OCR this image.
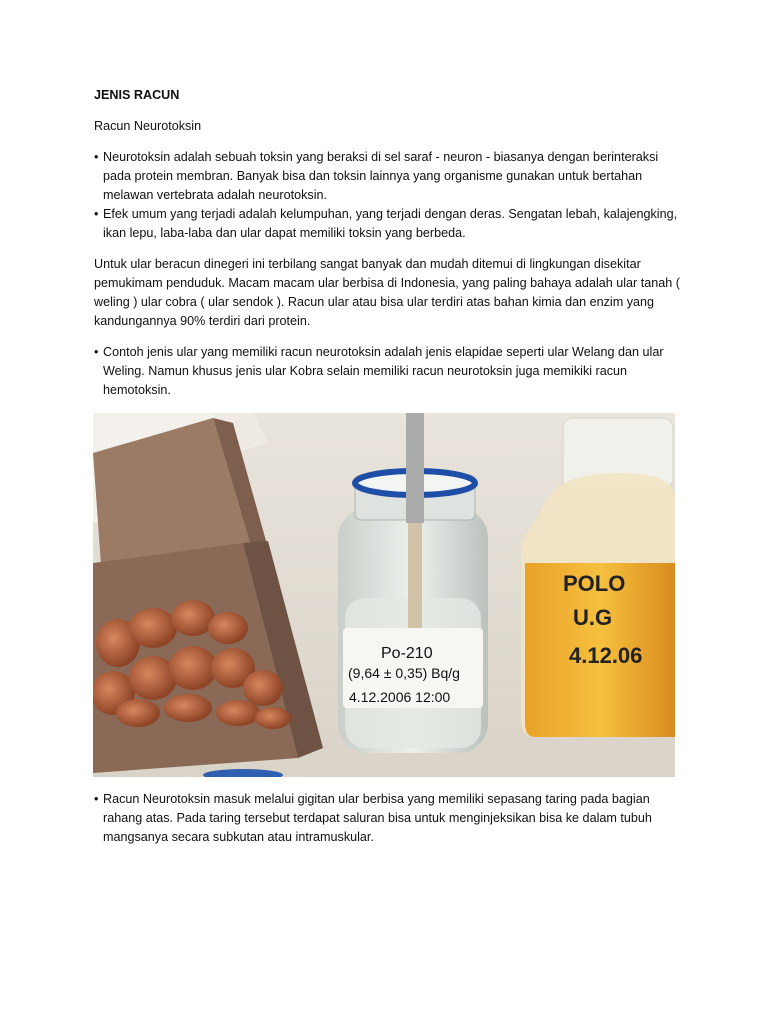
JENIS RACUN
Racun Neurotoksin
• Neurotoksin adalah sebuah toksin yang beraksi di sel saraf - neuron - biasanya dengan berinteraksi pada protein membran. Banyak bisa dan toksin lainnya yang organisme gunakan untuk bertahan melawan vertebrata adalah neurotoksin.
• Efek umum yang terjadi adalah kelumpuhan, yang terjadi dengan deras. Sengatan lebah, kalajengking, ikan lepu, laba-laba dan ular dapat memiliki toksin yang berbeda.
Untuk ular beracun dinegeri ini terbilang sangat banyak dan mudah ditemui di lingkungan disekitar pemukimam penduduk. Macam macam ular berbisa di Indonesia, yang paling bahaya adalah ular tanah ( weling ) ular cobra ( ular sendok ). Racun ular atau bisa ular terdiri atas bahan kimia dan enzim yang kandungannya 90% terdiri dari protein.
• Contoh jenis ular yang memiliki racun neurotoksin adalah jenis elapidae seperti ular Welang dan ular Weling. Namun khusus jenis ular Kobra selain memiliki racun neurotoksin juga memikiki racun hemotoksin.
Po-210
(9,64 ± 0,35) Bq/g
4.12.2006 12:00
POLO
U.G
4.12.06
• Racun Neurotoksin masuk melalui gigitan ular berbisa yang memiliki sepasang taring pada bagian rahang atas. Pada taring tersebut terdapat saluran bisa untuk menginjeksikan bisa ke dalam tubuh mangsanya secara subkutan atau intramuskular.
